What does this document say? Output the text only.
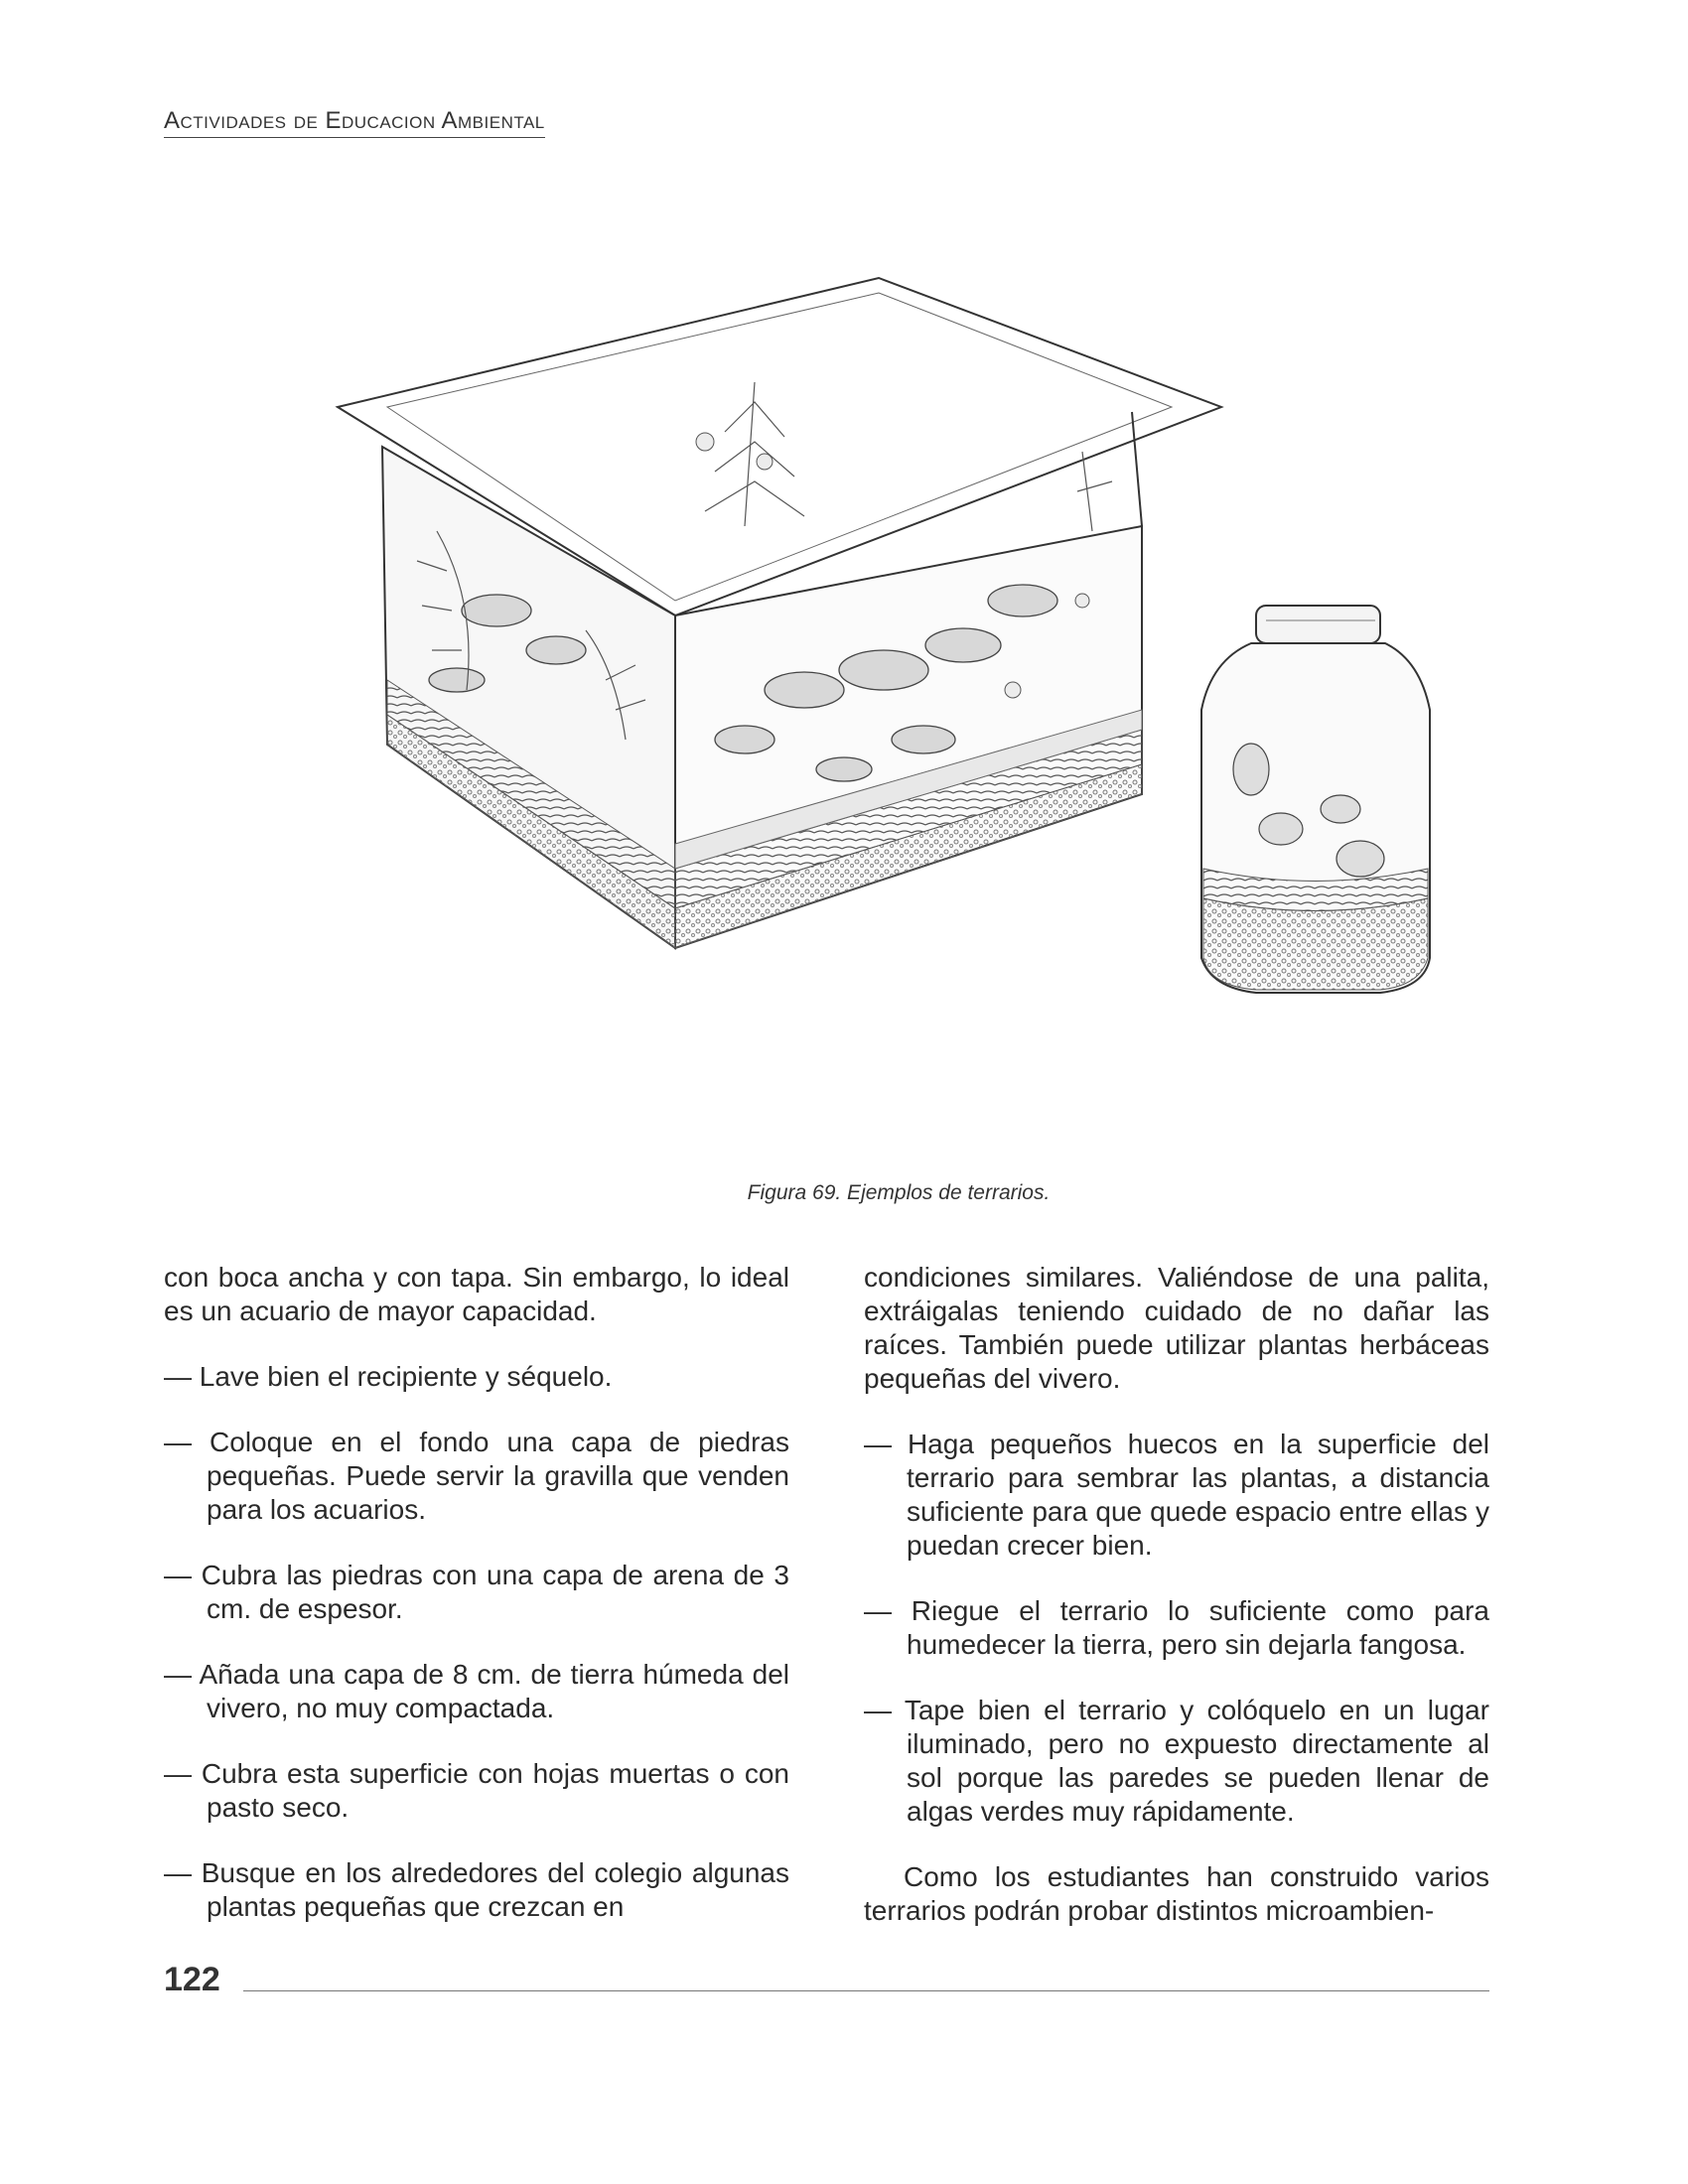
Actividades de Educacion Ambiental
Figura 69. Ejemplos de terrarios.

con boca ancha y con tapa. Sin embargo, lo ideal es un acuario de mayor capacidad.

— Lave bien el recipiente y séquelo.

— Coloque en el fondo una capa de piedras pequeñas. Puede servir la gravilla que venden para los acuarios.

— Cubra las piedras con una capa de arena de 3 cm. de espesor.

— Añada una capa de 8 cm. de tierra húmeda del vivero, no muy compactada.

— Cubra esta superficie con hojas muertas o con pasto seco.

— Busque en los alrededores del colegio algunas plantas pequeñas que crezcan en

condiciones similares. Valiéndose de una palita, extráigalas teniendo cuidado de no dañar las raíces. También puede utilizar plantas herbáceas pequeñas del vivero.

— Haga pequeños huecos en la superficie del terrario para sembrar las plantas, a distancia suficiente para que quede espacio entre ellas y puedan crecer bien.

— Riegue el terrario lo suficiente como para humedecer la tierra, pero sin dejarla fangosa.

— Tape bien el terrario y colóquelo en un lugar iluminado, pero no expuesto directamente al sol porque las paredes se pueden llenar de algas verdes muy rápidamente.

Como los estudiantes han construido varios terrarios podrán probar distintos microambien-

122
